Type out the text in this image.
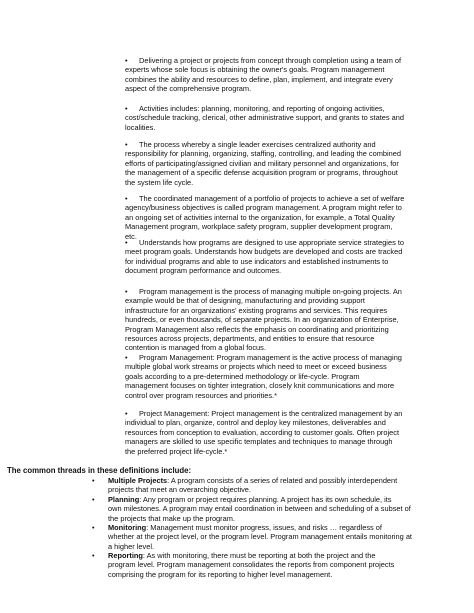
• Delivering a project or projects from concept through completion using a team of
experts whose sole focus is obtaining the owner's goals. Program management
combines the ability and resources to define, plan, implement, and integrate every
aspect of the comprehensive program.
• Activities includes: planning, monitoring, and reporting of ongoing activities,
cost/schedule tracking, clerical, other administrative support, and grants to states and
localities.
• The process whereby a single leader exercises centralized authority and
responsibility for planning, organizing, staffing, controlling, and leading the combined
efforts of participating/assigned civilian and military personnel and organizations, for
the management of a specific defense acquisition program or programs, throughout
the system life cycle.
• The coordinated management of a portfolio of projects to achieve a set of welfare
agency/business objectives is called program management. A program might refer to
an ongoing set of activities internal to the organization, for example, a Total Quality
Management program, workplace safety program, supplier development program,
etc.
• Understands how programs are designed to use appropriate service strategies to
meet program goals. Understands how budgets are developed and costs are tracked
for individual programs and able to use indicators and established instruments to
document program performance and outcomes.
• Program management is the process of managing multiple on-going projects. An
example would be that of designing, manufacturing and providing support
infrastructure for an organizations' existing programs and services. This requires
hundreds, or even thousands, of separate projects. In an organization of Enterprise,
Program Management also reflects the emphasis on coordinating and prioritizing
resources across projects, departments, and entities to ensure that resource
contention is managed from a global focus.
• Program Management: Program management is the active process of managing
multiple global work streams or projects which need to meet or exceed business
goals according to a pre-determined methodology or life-cycle. Program
management focuses on tighter integration, closely knit communications and more
control over program resources and priorities.*
• Project Management: Project management is the centralized management by an
individual to plan, organize, control and deploy key milestones, deliverables and
resources from conception to evaluation, according to customer goals. Often project
managers are skilled to use specific templates and techniques to manage through
the preferred project life-cycle.*
The common threads in these definitions include:
• Multiple Projects: A program consists of a series of related and possibly interdependent
projects that meet an overarching objective.
• Planning: Any program or project requires planning. A project has its own schedule, its
own milestones. A program may entail coordination in between and scheduling of a subset of
the projects that make up the program.
• Monitoring: Management must monitor progress, issues, and risks … regardless of
whether at the project level, or the program level. Program management entails monitoring at
a higher level.
• Reporting: As with monitoring, there must be reporting at both the project and the
program level. Program management consolidates the reports from component projects
comprising the program for its reporting to higher level management.
